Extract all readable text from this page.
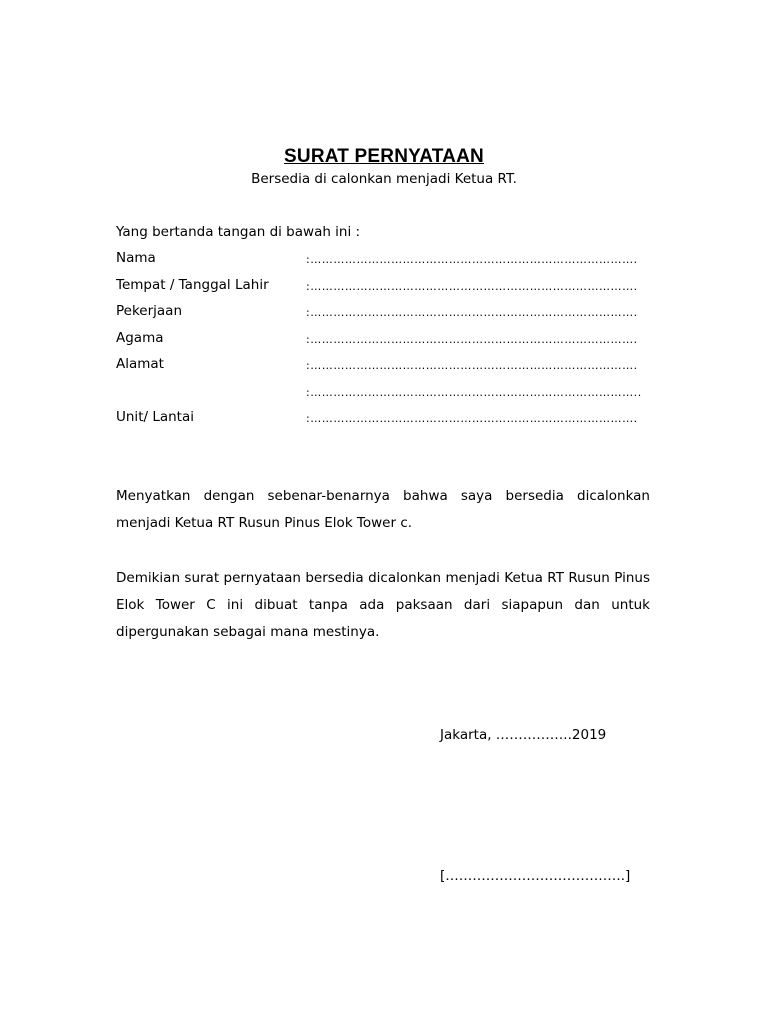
SURAT PERNYATAAN
Bersedia di calonkan menjadi Ketua RT.
Yang bertanda tangan di bawah ini :
Nama	:………………………………………………………………………….
Tempat / Tanggal Lahir	:………………………………………………………………………….
Pekerjaan	:………………………………………………………………………….
Agama	:………………………………………………………………………….
Alamat	:………………………………………………………………………….
:…………………………………………………………………………..
Unit/ Lantai	:………………………………………………………………………….
Menyatkan dengan sebenar-benarnya bahwa saya bersedia dicalonkan menjadi Ketua RT Rusun Pinus Elok Tower c.
Demikian surat pernyataan bersedia dicalonkan menjadi Ketua RT Rusun Pinus Elok Tower C ini dibuat tanpa ada paksaan dari siapapun dan untuk dipergunakan sebagai mana mestinya.
Jakarta, ……………..2019
[………………………………….]
